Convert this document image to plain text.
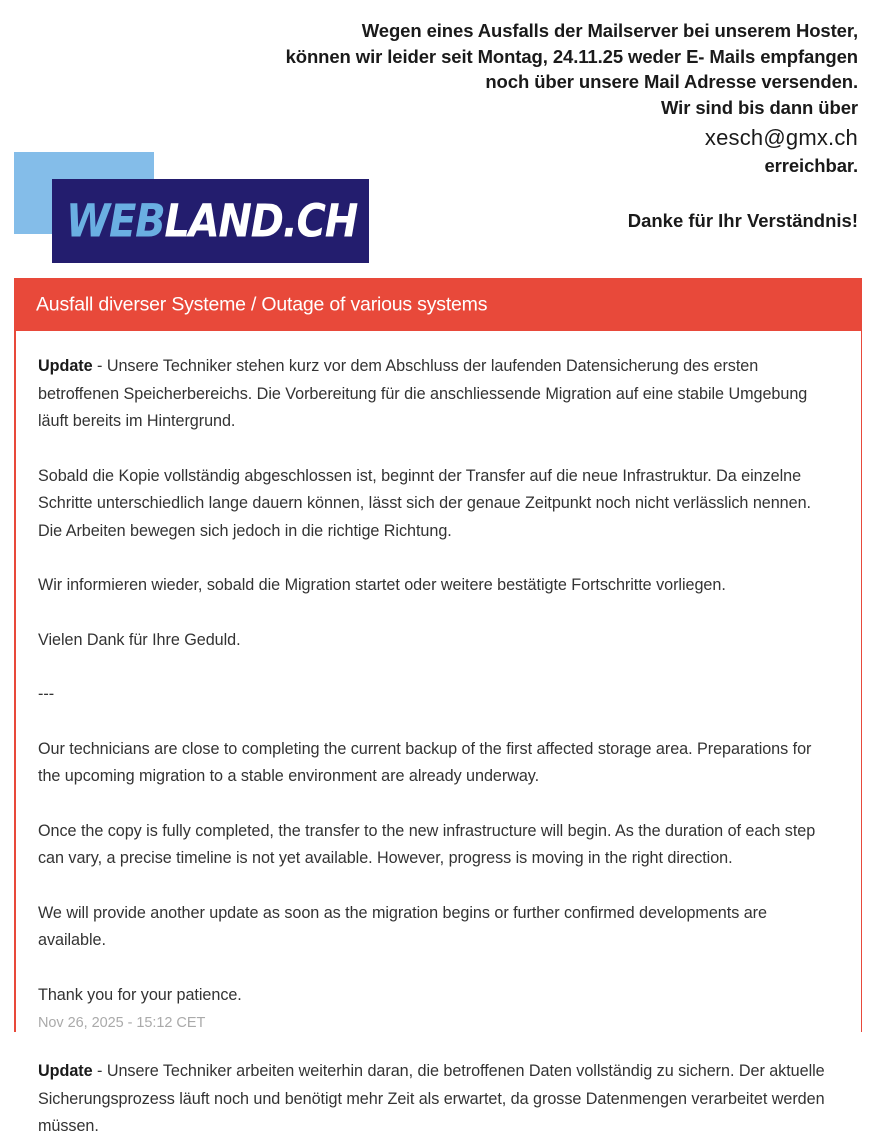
Wegen eines Ausfalls der Mailserver bei unserem Hoster,
können wir leider seit Montag, 24.11.25 weder E- Mails empfangen
noch über unsere Mail Adresse versenden.
Wir sind bis dann über
xesch@gmx.ch
erreichbar.
Danke für Ihr Verständnis!
WEBLAND.CH
Ausfall diverser Systeme / Outage of various systems

Update - Unsere Techniker stehen kurz vor dem Abschluss der laufenden Datensicherung des ersten betroffenen Speicherbereichs. Die Vorbereitung für die anschliessende Migration auf eine stabile Umgebung läuft bereits im Hintergrund.

Sobald die Kopie vollständig abgeschlossen ist, beginnt der Transfer auf die neue Infrastruktur. Da einzelne Schritte unterschiedlich lange dauern können, lässt sich der genaue Zeitpunkt noch nicht verlässlich nennen. Die Arbeiten bewegen sich jedoch in die richtige Richtung.

Wir informieren wieder, sobald die Migration startet oder weitere bestätigte Fortschritte vorliegen.

Vielen Dank für Ihre Geduld.

---

Our technicians are close to completing the current backup of the first affected storage area. Preparations for the upcoming migration to a stable environment are already underway.

Once the copy is fully completed, the transfer to the new infrastructure will begin. As the duration of each step can vary, a precise timeline is not yet available. However, progress is moving in the right direction.

We will provide another update as soon as the migration begins or further confirmed developments are available.

Thank you for your patience.

Nov 26, 2025 - 15:12 CET

Update - Unsere Techniker arbeiten weiterhin daran, die betroffenen Daten vollständig zu sichern. Der aktuelle Sicherungsprozess läuft noch und benötigt mehr Zeit als erwartet, da grosse Datenmengen verarbeitet werden müssen.
